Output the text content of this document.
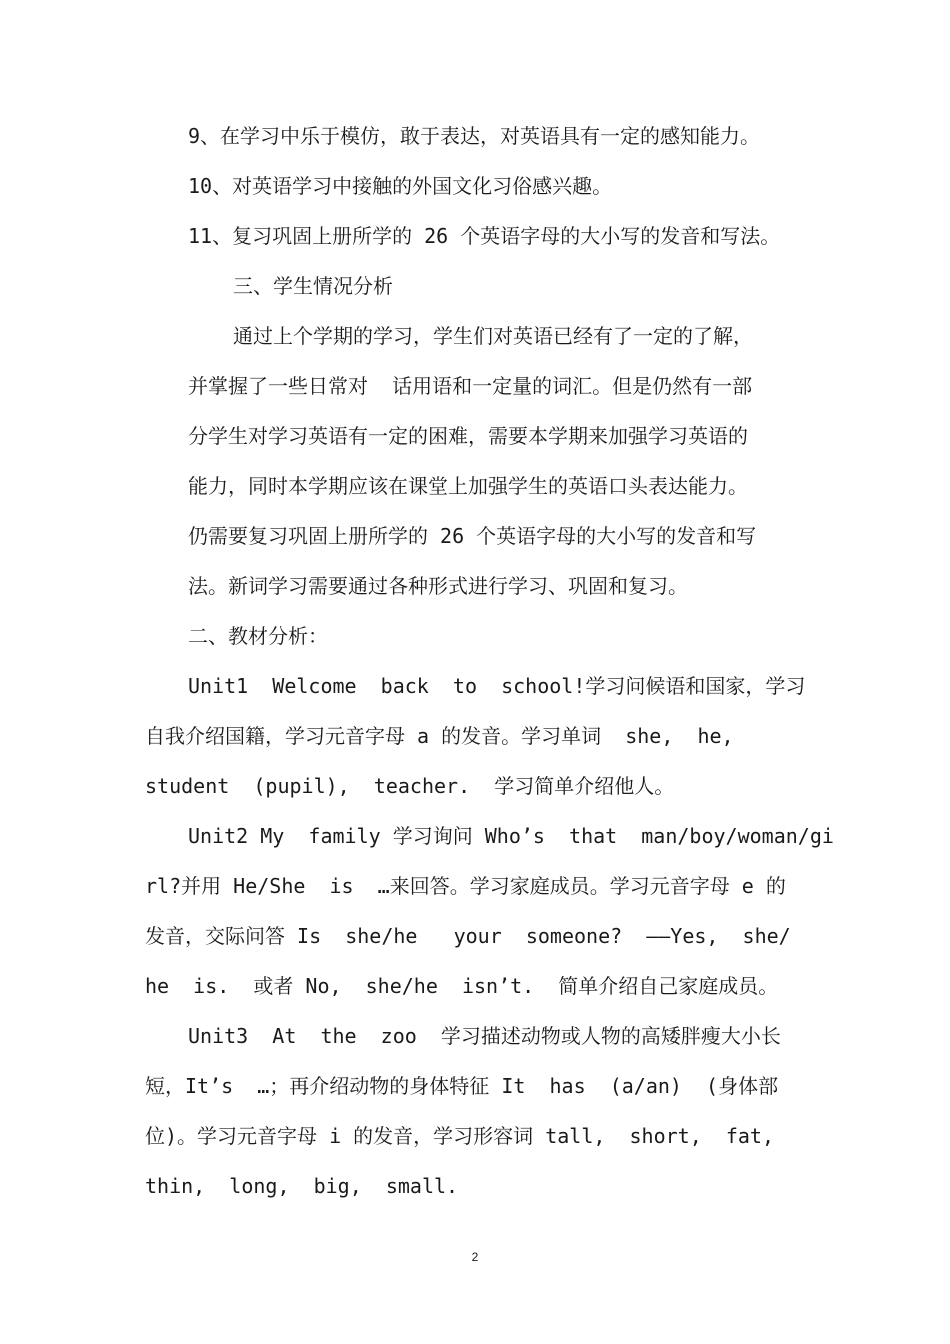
9、在学习中乐于模仿，敢于表达，对英语具有一定的感知能力。
10、对英语学习中接触的外国文化习俗感兴趣。
11、复习巩固上册所学的 26 个英语字母的大小写的发音和写法。
三、学生情况分析
通过上个学期的学习，学生们对英语已经有了一定的了解，
并掌握了一些日常对  话用语和一定量的词汇。但是仍然有一部
分学生对学习英语有一定的困难，需要本学期来加强学习英语的
能力，同时本学期应该在课堂上加强学生的英语口头表达能力。
仍需要复习巩固上册所学的 26 个英语字母的大小写的发音和写
法。新词学习需要通过各种形式进行学习、巩固和复习。
二、教材分析：
Unit1  Welcome  back  to  school!学习问候语和国家，学习
自我介绍国籍，学习元音字母 a 的发音。学习单词  she,  he,
student  (pupil),  teacher.  学习简单介绍他人。
Unit2 My  family 学习询问 Who’s  that  man/boy/woman/gi
rl?并用 He/She  is  …来回答。学习家庭成员。学习元音字母 e 的
发音，交际问答 Is  she/he   your  someone?  ——Yes,  she/
he  is.  或者 No,  she/he  isn’t.  简单介绍自己家庭成员。
Unit3  At  the  zoo  学习描述动物或人物的高矮胖瘦大小长
短，It’s  …；再介绍动物的身体特征 It  has  (a/an)  (身体部
位)。学习元音字母 i 的发音，学习形容词 tall,  short,  fat,
thin,  long,  big,  small.
2
